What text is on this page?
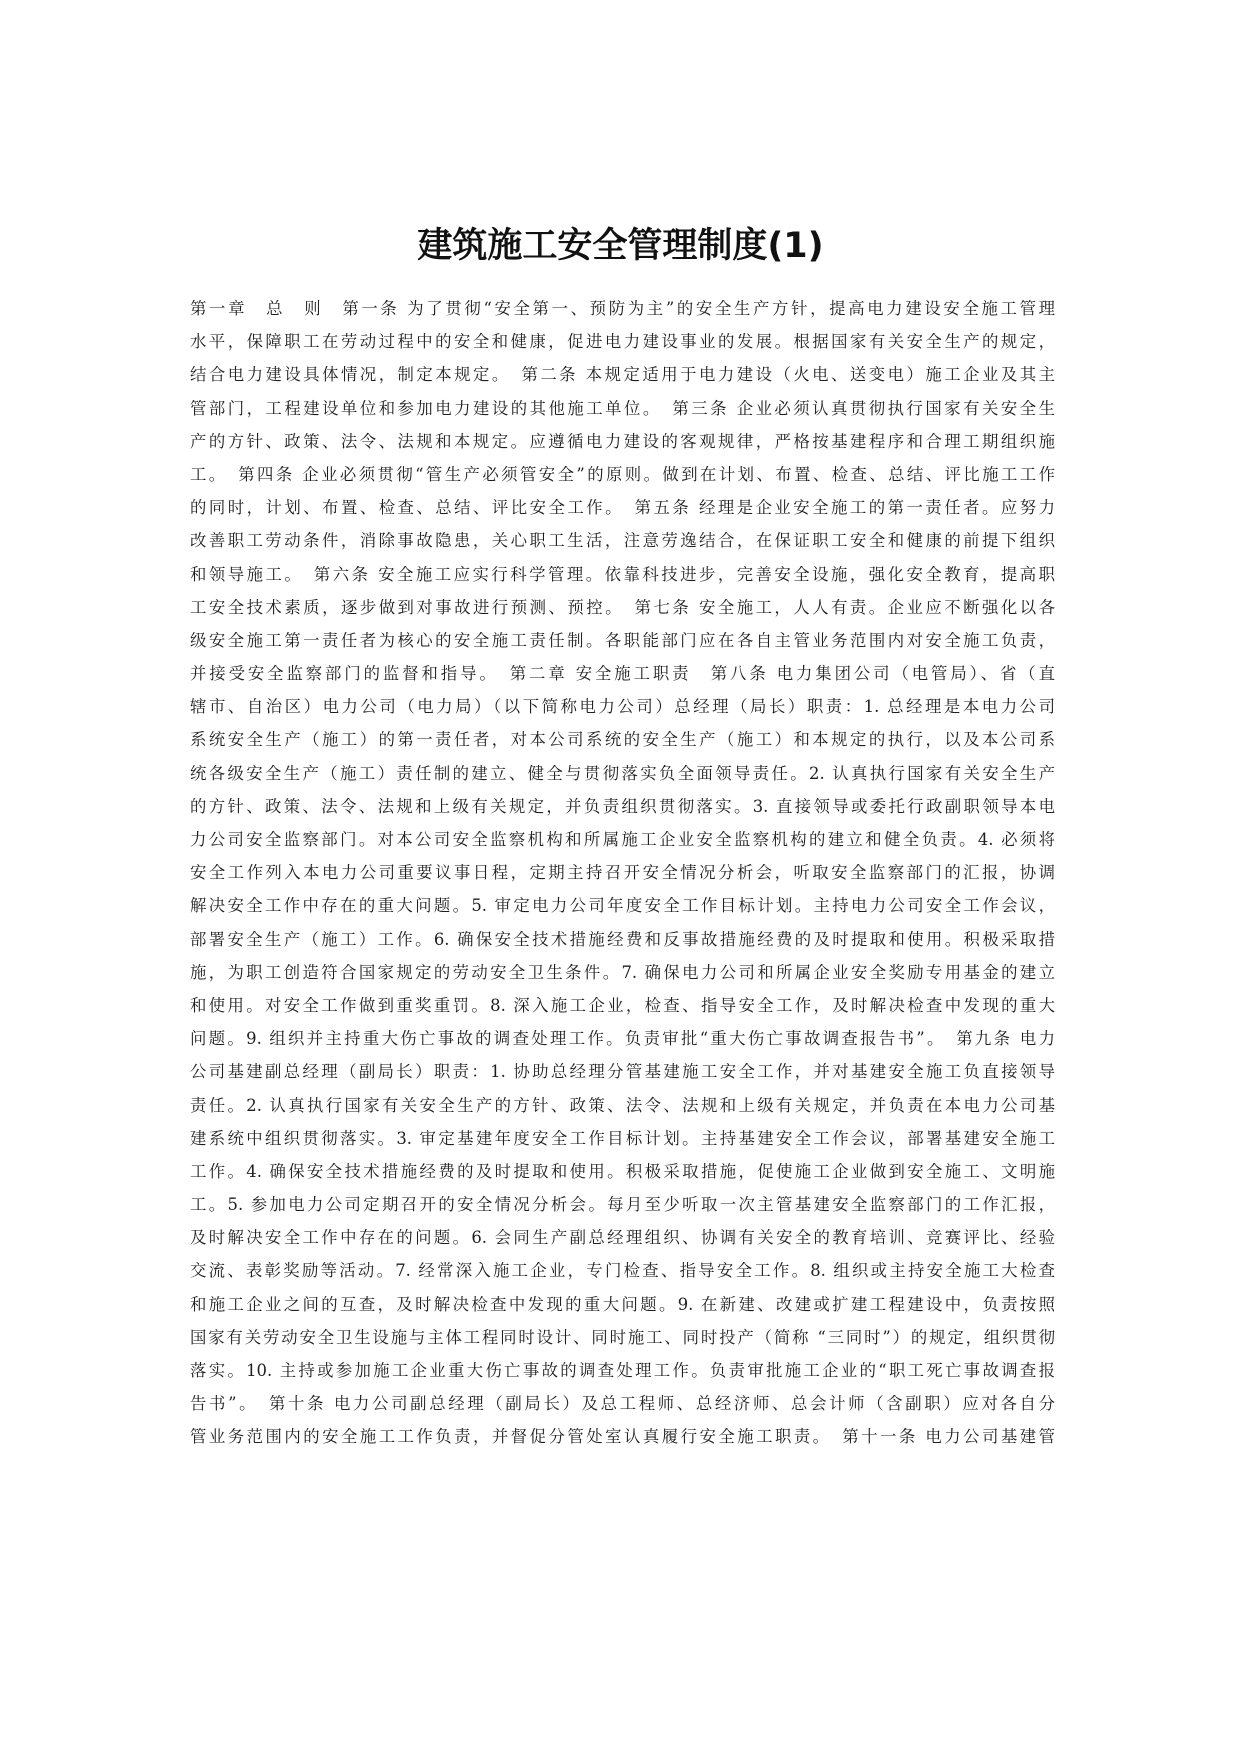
建筑施工安全管理制度(1)
第一章　总　则　第一条 为了贯彻“安全第一、预防为主”的安全生产方针，提高电力建设安全施工管理
水平，保障职工在劳动过程中的安全和健康，促进电力建设事业的发展。根据国家有关安全生产的规定，
结合电力建设具体情况，制定本规定。　第二条 本规定适用于电力建设（火电、送变电）施工企业及其主
管部门，工程建设单位和参加电力建设的其他施工单位。　第三条 企业必须认真贯彻执行国家有关安全生
产的方针、政策、法令、法规和本规定。应遵循电力建设的客观规律，严格按基建程序和合理工期组织施
工。　第四条 企业必须贯彻“管生产必须管安全”的原则。做到在计划、布置、检查、总结、评比施工工作
的同时，计划、布置、检查、总结、评比安全工作。　第五条 经理是企业安全施工的第一责任者。应努力
改善职工劳动条件，消除事故隐患，关心职工生活，注意劳逸结合，在保证职工安全和健康的前提下组织
和领导施工。　第六条 安全施工应实行科学管理。依靠科技进步，完善安全设施，强化安全教育，提高职
工安全技术素质，逐步做到对事故进行预测、预控。　第七条 安全施工，人人有责。企业应不断强化以各
级安全施工第一责任者为核心的安全施工责任制。各职能部门应在各自主管业务范围内对安全施工负责，
并接受安全监察部门的监督和指导。　第二章 安全施工职责　第八条 电力集团公司（电管局）、省（直
辖市、自治区）电力公司（电力局）（以下简称电力公司）总经理（局长）职责：1. 总经理是本电力公司
系统安全生产（施工）的第一责任者，对本公司系统的安全生产（施工）和本规定的执行，以及本公司系
统各级安全生产（施工）责任制的建立、健全与贯彻落实负全面领导责任。2. 认真执行国家有关安全生产
的方针、政策、法令、法规和上级有关规定，并负责组织贯彻落实。3. 直接领导或委托行政副职领导本电
力公司安全监察部门。对本公司安全监察机构和所属施工企业安全监察机构的建立和健全负责。4. 必须将
安全工作列入本电力公司重要议事日程，定期主持召开安全情况分析会，听取安全监察部门的汇报，协调
解决安全工作中存在的重大问题。5. 审定电力公司年度安全工作目标计划。主持电力公司安全工作会议，
部署安全生产（施工）工作。6. 确保安全技术措施经费和反事故措施经费的及时提取和使用。积极采取措
施，为职工创造符合国家规定的劳动安全卫生条件。7. 确保电力公司和所属企业安全奖励专用基金的建立
和使用。对安全工作做到重奖重罚。8. 深入施工企业，检查、指导安全工作，及时解决检查中发现的重大
问题。9. 组织并主持重大伤亡事故的调查处理工作。负责审批“重大伤亡事故调查报告书”。　第九条 电力
公司基建副总经理（副局长）职责：1. 协助总经理分管基建施工安全工作，并对基建安全施工负直接领导
责任。2. 认真执行国家有关安全生产的方针、政策、法令、法规和上级有关规定，并负责在本电力公司基
建系统中组织贯彻落实。3. 审定基建年度安全工作目标计划。主持基建安全工作会议，部署基建安全施工
工作。4. 确保安全技术措施经费的及时提取和使用。积极采取措施，促使施工企业做到安全施工、文明施
工。5. 参加电力公司定期召开的安全情况分析会。每月至少听取一次主管基建安全监察部门的工作汇报，
及时解决安全工作中存在的问题。6. 会同生产副总经理组织、协调有关安全的教育培训、竞赛评比、经验
交流、表彰奖励等活动。7. 经常深入施工企业，专门检查、指导安全工作。8. 组织或主持安全施工大检查
和施工企业之间的互查，及时解决检查中发现的重大问题。9. 在新建、改建或扩建工程建设中，负责按照
国家有关劳动安全卫生设施与主体工程同时设计、同时施工、同时投产（简称 “三同时”）的规定，组织贯彻
落实。10. 主持或参加施工企业重大伤亡事故的调查处理工作。负责审批施工企业的“职工死亡事故调查报
告书”。　第十条 电力公司副总经理（副局长）及总工程师、总经济师、总会计师（含副职）应对各自分
管业务范围内的安全施工工作负责，并督促分管处室认真履行安全施工职责。　第十一条 电力公司基建管
